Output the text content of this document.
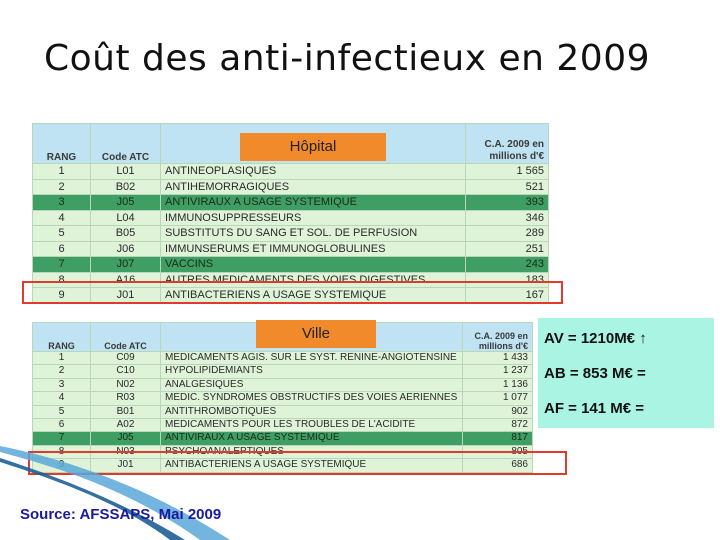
Coût des anti-infectieux en 2009
RANG	Code ATC		C.A. 2009 en millions d'€
1	L01	ANTINEOPLASIQUES	1 565
2	B02	ANTIHEMORRAGIQUES	521
3	J05	ANTIVIRAUX A USAGE SYSTEMIQUE	393
4	L04	IMMUNOSUPPRESSEURS	346
5	B05	SUBSTITUTS DU SANG ET SOL. DE PERFUSION	289
6	J06	IMMUNSERUMS ET IMMUNOGLOBULINES	251
7	J07	VACCINS	243
8	A16	AUTRES MEDICAMENTS DES VOIES DIGESTIVES	183
9	J01	ANTIBACTERIENS A USAGE SYSTEMIQUE	167
Hôpital
RANG	Code ATC		C.A. 2009 en millions d'€
1	C09	MEDICAMENTS AGIS. SUR LE SYST. RENINE-ANGIOTENSINE	1 433
2	C10	HYPOLIPIDEMIANTS	1 237
3	N02	ANALGESIQUES	1 136
4	R03	MEDIC. SYNDROMES OBSTRUCTIFS DES VOIES AERIENNES	1 077
5	B01	ANTITHROMBOTIQUES	902
6	A02	MEDICAMENTS POUR LES TROUBLES DE L'ACIDITE	872
7	J05	ANTIVIRAUX A USAGE SYSTEMIQUE	817
8	N03	PSYCHOANALEPTIQUES	805
	J01	ANTIBACTERIENS A USAGE SYSTEMIQUE	686
Ville	AV = 1210M€ ↑
AB = 853 M€ =
AF = 141 M€ =
Source: AFSSAPS, Mai 2009
